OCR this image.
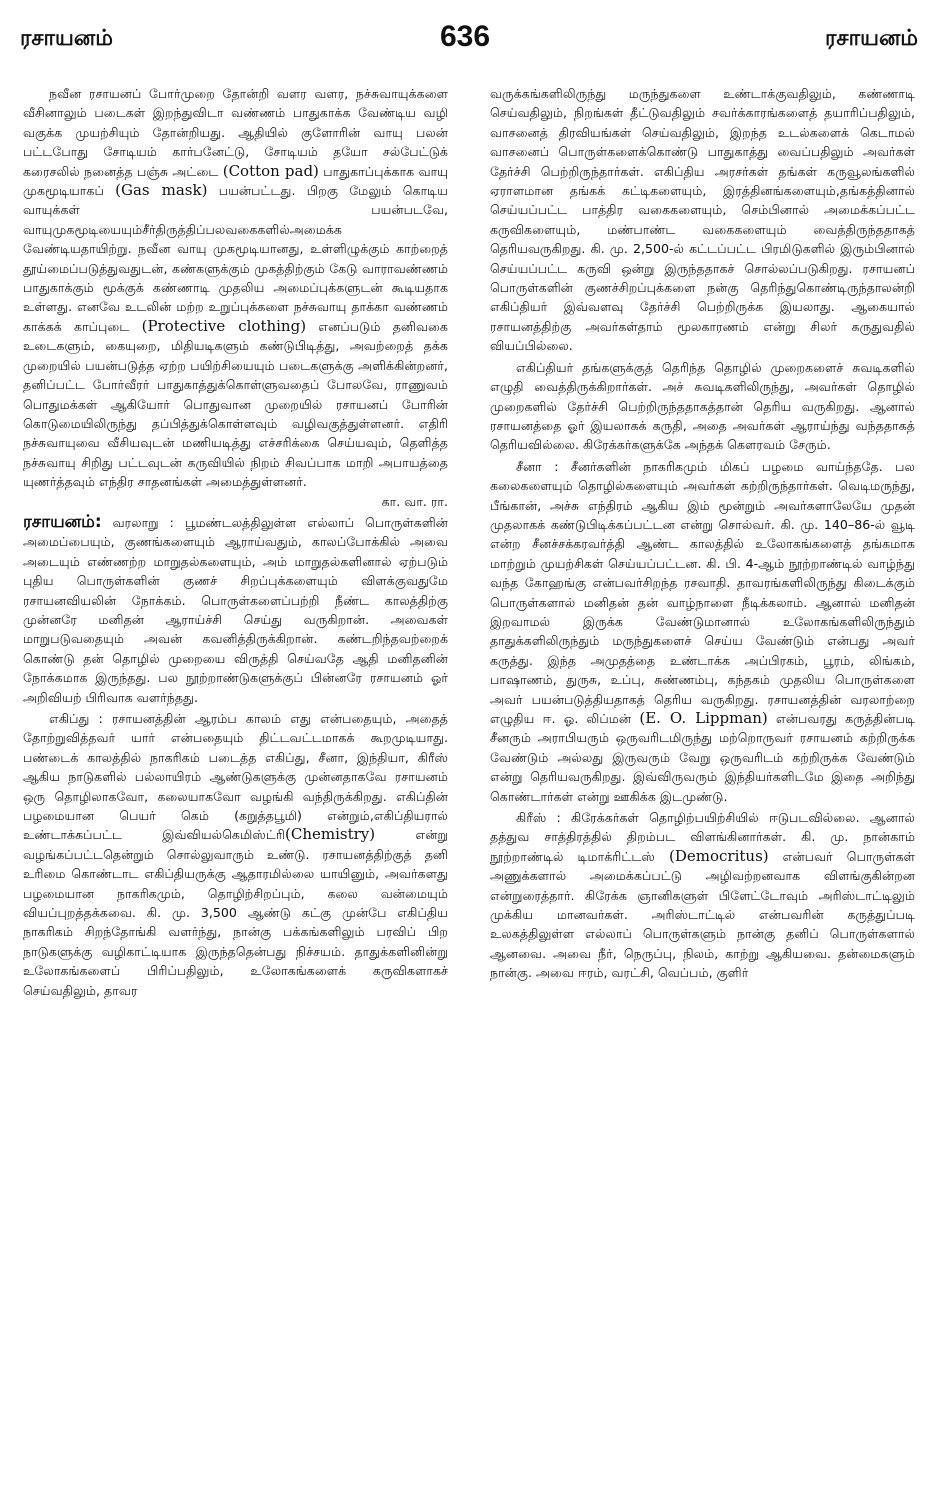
ரசாயனம்	636	ரசாயனம்

நவீன ரசாயனப் போர்முறை தோன்றி வளர வளர, நச்சுவாயுக்களை வீசினாலும் படைகள் இறந்துவிடா வண்ணம் பாதுகாக்க வேண்டிய வழி வகுக்க முயற்சியும் தோன்றியது. ஆதியில் குளோரின் வாயு பலன் பட்டபோது சோடியம் கார்பனேட்டு, சோடியம் தயோ சல்பேட்டுக் கரைசலில் நனைத்த பஞ்சு அட்டை (Cotton pad) பாதுகாப்புக்காக வாயு முகமூடியாகப் (Gas mask) பயன்பட்டது. பிறகு மேலும் கொடிய வாயுக்கள் பயன்படவே, வாயுமுகமூடியையும்சீர்திருத்திப்பலவகைகளில்அமைக்க வேண்டியதாயிற்று. நவீன வாயு முகமூடியானது, உள்ளிழுக்கும் காற்றைத் தூய்மைப்படுத்துவதுடன், கண்களுக்கும் முகத்திற்கும் கேடு வாராவண்ணம் பாதுகாக்கும் மூக்குக் கண்ணாடி முதலிய அமைப்புக்களுடன் கூடியதாக உள்ளது. எனவே உடலின் மற்ற உறுப்புக்களை நச்சுவாயு தாக்கா வண்ணம் காக்கக் காப்புடை (Protective clothing) எனப்படும் தனிவகை உடைகளும், கையுறை, மிதியடிகளும் கண்டுபிடித்து, அவற்றைத் தக்க முறையில் பயன்படுத்த ஏற்ற பயிற்சியையும் படைகளுக்கு அளிக்கின்றனர், தனிப்பட்ட போர்வீரர் பாதுகாத்துக்கொள்ளுவதைப் போலவே, ராணுவம் பொதுமக்கள் ஆகியோர் பொதுவான முறையில் ரசாயனப் போரின் கொடுமையிலிருந்து தப்பித்துக்கொள்ளவும் வழிவகுத்துள்ளனர். எதிரி நச்சுவாயுவை வீசியவுடன் மணியடித்து எச்சரிக்கை செய்யவும், தெளித்த நச்சுவாயு சிறிது பட்டவுடன் கருவியில் நிறம் சிவப்பாக மாறி அபாயத்தை யுணர்த்தவும் எந்திர சாதனங்கள் அமைத்துள்ளனர்.
கா. வா. ரா.

ரசாயனம்: வரலாறு : பூமண்டலத்திலுள்ள எல்லாப் பொருள்களின் அமைப்பையும், குணங்களையும் ஆராய்வதும், காலப்போக்கில் அவை அடையும் எண்ணற்ற மாறுதல்களையும், அம் மாறுதல்களினால் ஏற்படும் புதிய பொருள்களின் குணச் சிறப்புக்களையும் விளக்குவதுமே ரசாயனவியலின் நோக்கம். பொருள்களைப்பற்றி நீண்ட காலத்திற்கு முன்னரே மனிதன் ஆராய்ச்சி செய்து வருகிறான். அவைகள் மாறுபடுவதையும் அவன் கவனித்திருக்கிறான். கண்டறிந்தவற்றைக் கொண்டு தன் தொழில் முறையை விருத்தி செய்வதே ஆதி மனிதனின் நோக்கமாக இருந்தது. பல நூற்றாண்டுகளுக்குப் பின்னரே ரசாயனம் ஓர் அறிவியற் பிரிவாக வளர்ந்தது.

எகிப்து : ரசாயனத்தின் ஆரம்ப காலம் எது என்பதையும், அதைத் தோற்றுவித்தவர் யார் என்பதையும் திட்டவட்டமாகக் கூறமுடியாது. பண்டைக் காலத்தில் நாகரிகம் படைத்த எகிப்து, சீனா, இந்தியா, கிரீஸ் ஆகிய நாடுகளில் பல்லாயிரம் ஆண்டுகளுக்கு முன்னதாகவே ரசாயனம் ஒரு தொழிலாகவோ, கலையாகவோ வழங்கி வந்திருக்கிறது. எகிப்தின் பழமையான பெயர் கெம் (கறுத்தபூமி) என்றும்,எகிப்தியரால் உண்டாக்கப்பட்ட இவ்வியல்கெமிஸ்ட்ரி(Chemistry) என்று வழங்கப்பட்டதென்றும் சொல்லுவாரும் உண்டு. ரசாயனத்திற்குத் தனி உரிமை கொண்டாட எகிப்தியருக்கு ஆதாரமில்லை யாயினும், அவர்களது பழமையான நாகரிகமும், தொழிற்சிறப்பும், கலை வன்மையும் வியப்புறத்தக்கவை. கி. மு. 3,500 ஆண்டு கட்கு முன்பே எகிப்திய நாகரிகம் சிறந்தோங்கி வளர்ந்து, நான்கு பக்கங்களிலும் பரவிப் பிற நாடுகளுக்கு வழிகாட்டியாக இருந்ததென்பது நிச்சயம். தாதுக்களினின்று உலோகங்களைப் பிரிப்பதிலும், உலோகங்களைக் கருவிகளாகச் செய்வதிலும், தாவர

வருக்கங்களிலிருந்து மருந்துகளை உண்டாக்குவதிலும், கண்ணாடி செய்வதிலும், நிறங்கள் தீட்டுவதிலும் சவர்க்காரங்களைத் தயாரிப்பதிலும், வாசனைத் திரவியங்கள் செய்வதிலும், இறந்த உடல்களைக் கெடாமல் வாசனைப் பொருள்களைக்கொண்டு பாதுகாத்து வைப்பதிலும் அவர்கள் தேர்ச்சி பெற்றிருந்தார்கள். எகிப்திய அரசர்கள் தங்கள் கருவூலங்களில் ஏராளமான தங்கக் கட்டிகளையும், இரத்தினங்களையும்,தங்கத்தினால் செய்யப்பட்ட பாத்திர வகைகளையும், செம்பினால் அமைக்கப்பட்ட கருவிகளையும், மண்பாண்ட வகைகளையும் வைத்திருந்ததாகத் தெரியவருகிறது. கி. மு. 2,500-ல் கட்டப்பட்ட பிரமிடுகளில் இரும்பினால் செய்யப்பட்ட கருவி ஒன்று இருந்ததாகச் சொல்லப்படுகிறது. ரசாயனப் பொருள்களின் குணச்சிறப்புக்களை நன்கு தெரிந்துகொண்டிருந்தாலன்றி எகிப்தியர் இவ்வளவு தேர்ச்சி பெற்றிருக்க இயலாது. ஆகையால் ரசாயனத்திற்கு அவர்கள்தாம் மூலகாரணம் என்று சிலர் கருதுவதில் வியப்பில்லை.

எகிப்தியர் தங்களுக்குத் தெரிந்த தொழில் முறைகளைச் சுவடிகளில் எழுதி வைத்திருக்கிறார்கள். அச் சுவடிகளிலிருந்து, அவர்கள் தொழில் முறைகளில் தேர்ச்சி பெற்றிருந்ததாகத்தான் தெரிய வருகிறது. ஆனால் ரசாயனத்தை ஓர் இயலாகக் கருதி, அதை அவர்கள் ஆராய்ந்து வந்ததாகத் தெரியவில்லை. கிரேக்கர்களுக்கே அந்தக் கௌரவம் சேரும்.

சீனா : சீனர்களின் நாகரிகமும் மிகப் பழமை வாய்ந்ததே. பல கலைகளையும் தொழில்களையும் அவர்கள் கற்றிருந்தார்கள். வெடிமருந்து, பீங்கான், அச்சு எந்திரம் ஆகிய இம் மூன்றும் அவர்களாலேயே முதன் முதலாகக் கண்டுபிடிக்கப்பட்டன என்று சொல்வர். கி. மு. 140–86-ல் வூடி என்ற சீனச்சக்கரவர்த்தி ஆண்ட காலத்தில் உலோகங்களைத் தங்கமாக மாற்றும் முயற்சிகள் செய்யப்பட்டன. கி. பி. 4-ஆம் நூற்றாண்டில் வாழ்ந்து வந்த கோஹங்கு என்பவர்சிறந்த ரசவாதி. தாவரங்களிலிருந்து கிடைக்கும் பொருள்களால் மனிதன் தன் வாழ்நாளை நீடிக்கலாம். ஆனால் மனிதன் இறவாமல் இருக்க வேண்டுமானால் உலோகங்களிலிருந்தும் தாதுக்களிலிருந்தும் மருந்துகளைச் செய்ய வேண்டும் என்பது அவர் கருத்து. இந்த அமுதத்தை உண்டாக்க அப்பிரகம், பூரம், லிங்கம், பாஷாணம், துருசு, உப்பு, சுண்ணம்பு, கந்தகம் முதலிய பொருள்களை அவர் பயன்படுத்தியதாகத் தெரிய வருகிறது. ரசாயனத்தின் வரலாற்றை எழுதிய ஈ. ஓ. லிப்மன் (E. O. Lippman) என்பவரது கருத்தின்படி சீனரும் அராபியரும் ஒருவரிடமிருந்து மற்றொருவர் ரசாயனம் கற்றிருக்க வேண்டும் அல்லது இருவரும் வேறு ஒருவரிடம் கற்றிருக்க வேண்டும் என்று தெரியவருகிறது. இவ்விருவரும் இந்தியர்களிடமே இதை அறிந்து கொண்டார்கள் என்று ஊகிக்க இடமுண்டு.

கிரீஸ் : கிரேக்கர்கள் தொழிற்பயிற்சியில் ஈடுபடவில்லை. ஆனால் தத்துவ சாத்திரத்தில் திறம்பட விளங்கினார்கள். கி. மு. நான்காம் நூற்றாண்டில் டிமாக்ரிட்டஸ் (Democritus) என்பவர் பொருள்கள் அணுக்களால் அமைக்கப்பட்டு அழிவற்றனவாக விளங்குகின்றன என்றுரைத்தார். கிரேக்க ஞானிகளுள் பிளேட்டோவும் அரிஸ்டாட்டிலும் முக்கிய மானவர்கள். அரிஸ்டாட்டில் என்பவரின் கருத்துப்படி உலகத்திலுள்ள எல்லாப் பொருள்களும் நான்கு தனிப் பொருள்களால் ஆனவை. அவை நீர், நெருப்பு, நிலம், காற்று ஆகியவை. தன்மைகளும் நான்கு. அவை ஈரம், வரட்சி, வெப்பம், குளிர்
